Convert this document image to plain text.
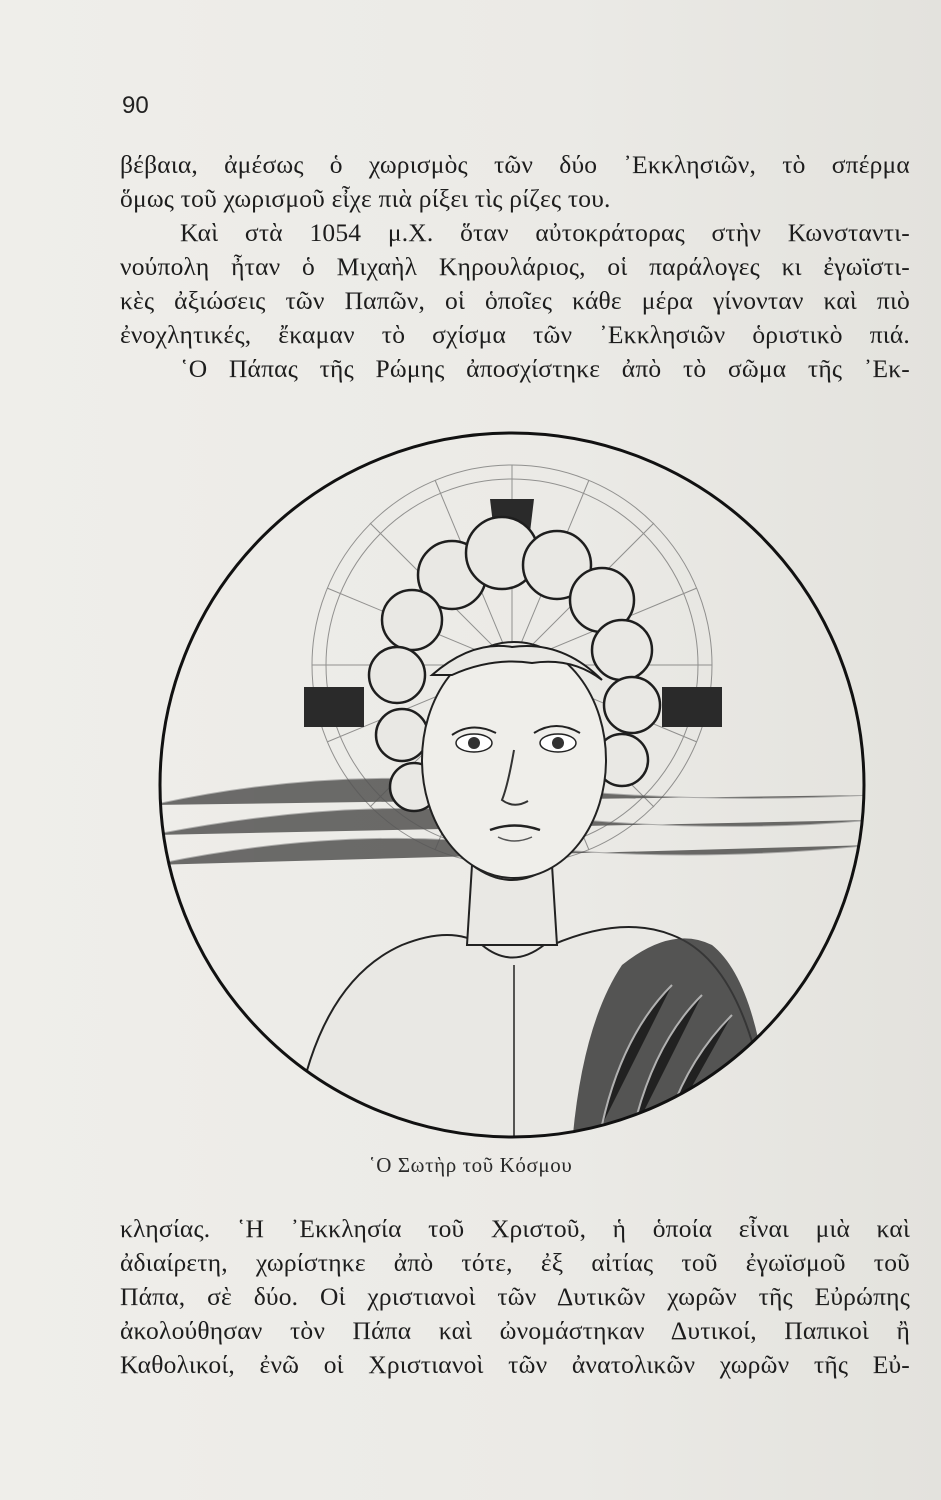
90
βέβαια, ἀμέσως ὁ χωρισμὸς τῶν δύο ᾿Εκκλησιῶν, τὸ σπέρμα
ὅμως τοῦ χωρισμοῦ εἶχε πιὰ ρίξει τὶς ρίζες του.
Καὶ στὰ 1054 μ.Χ. ὅταν αὐτοκράτορας στὴν Κωνσταντι-
νούπολη ἦταν ὁ Μιχαὴλ Κηρουλάριος, οἱ παράλογες κι ἐγωϊστι-
κὲς ἀξιώσεις τῶν Παπῶν, οἱ ὁποῖες κάθε μέρα γίνονταν καὶ πιὸ
ἐνοχλητικές, ἔκαμαν τὸ σχίσμα τῶν ᾿Εκκλησιῶν ὁριστικὸ πιά.
῾Ο Πάπας τῆς Ρώμης ἀποσχίστηκε ἀπὸ τὸ σῶμα τῆς ᾿Εκ-
῾Ο Σωτὴρ τοῦ Κόσμου
κλησίας. ῾Η ᾿Εκκλησία τοῦ Χριστοῦ, ἡ ὁποία εἶναι μιὰ καὶ
ἀδιαίρετη, χωρίστηκε ἀπὸ τότε, ἐξ αἰτίας τοῦ ἐγωϊσμοῦ τοῦ
Πάπα, σὲ δύο. Οἱ χριστιανοὶ τῶν Δυτικῶν χωρῶν τῆς Εὐρώπης
ἀκολούθησαν τὸν Πάπα καὶ ὠνομάστηκαν Δυτικοί, Παπικοὶ ἢ
Καθολικοί, ἐνῶ οἱ Χριστιανοὶ τῶν ἀνατολικῶν χωρῶν τῆς Εὐ-
